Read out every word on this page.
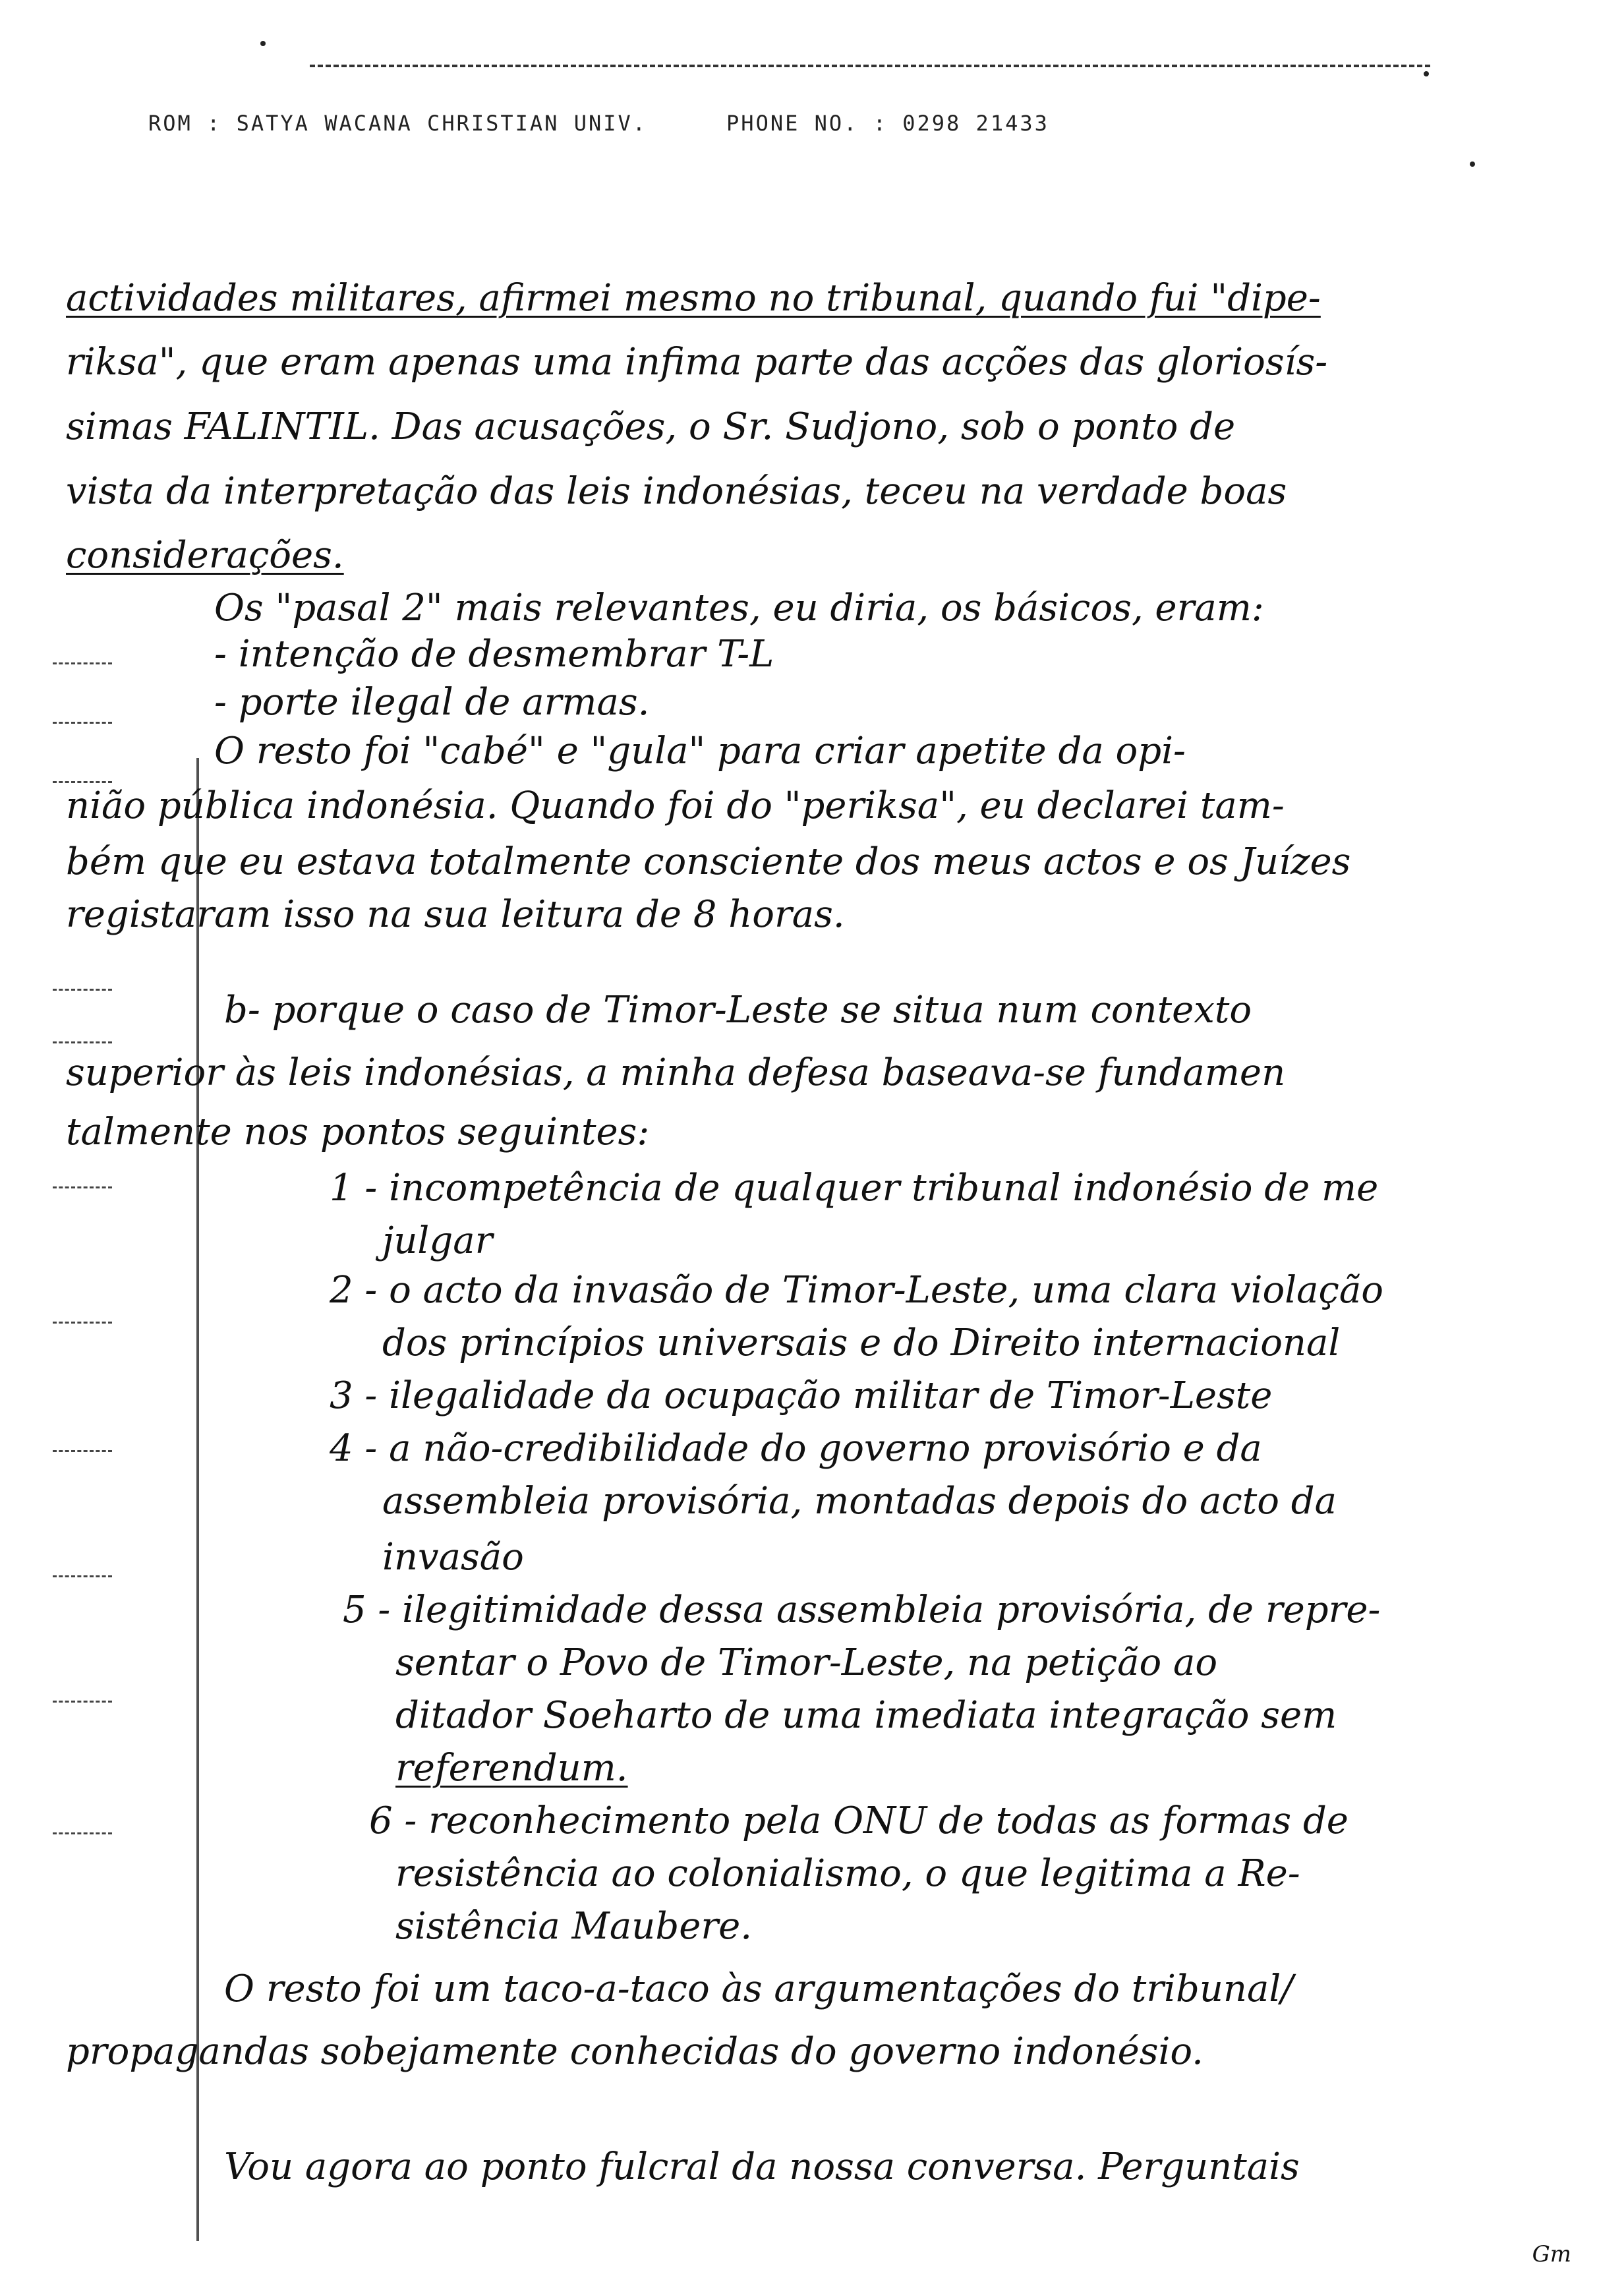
ROM : SATYA WACANA CHRISTIAN UNIV.	PHONE NO. : 0298 21433
actividades militares, afirmei mesmo no tribunal, quando fui "dipe-
riksa", que eram apenas uma infima parte das acções das gloriosís-
simas FALINTIL. Das acusações, o Sr. Sudjono, sob o ponto de
vista da interpretação das leis indonésias, teceu na verdade boas
considerações.
Os "pasal 2" mais relevantes, eu diria, os básicos, eram:
- intenção de desmembrar T-L
- porte ilegal de armas.
O resto foi "cabé" e "gula" para criar apetite da opi-
nião pública indonésia. Quando foi do "periksa", eu declarei tam-
bém que eu estava totalmente consciente dos meus actos e os Juízes
registaram isso na sua leitura de 8 horas.
b- porque o caso de Timor-Leste se situa num contexto
superior às leis indonésias, a minha defesa baseava-se fundamen
talmente nos pontos seguintes:
1 - incompetência de qualquer tribunal indonésio de me
julgar
2 - o acto da invasão de Timor-Leste, uma clara violação
dos princípios universais e do Direito internacional
3 - ilegalidade da ocupação militar de Timor-Leste
4 - a não-credibilidade do governo provisório e da
assembleia provisória, montadas depois do acto da
invasão
5 - ilegitimidade dessa assembleia provisória, de repre-
sentar o Povo de Timor-Leste, na petição ao
ditador Soeharto de uma imediata integração sem
referendum.
6 - reconhecimento pela ONU de todas as formas de
resistência ao colonialismo, o que legitima a Re-
sistência Maubere.
O resto foi um taco-a-taco às argumentações do tribunal/
propagandas sobejamente conhecidas do governo indonésio.
Vou agora ao ponto fulcral da nossa conversa. Perguntais
Gm
